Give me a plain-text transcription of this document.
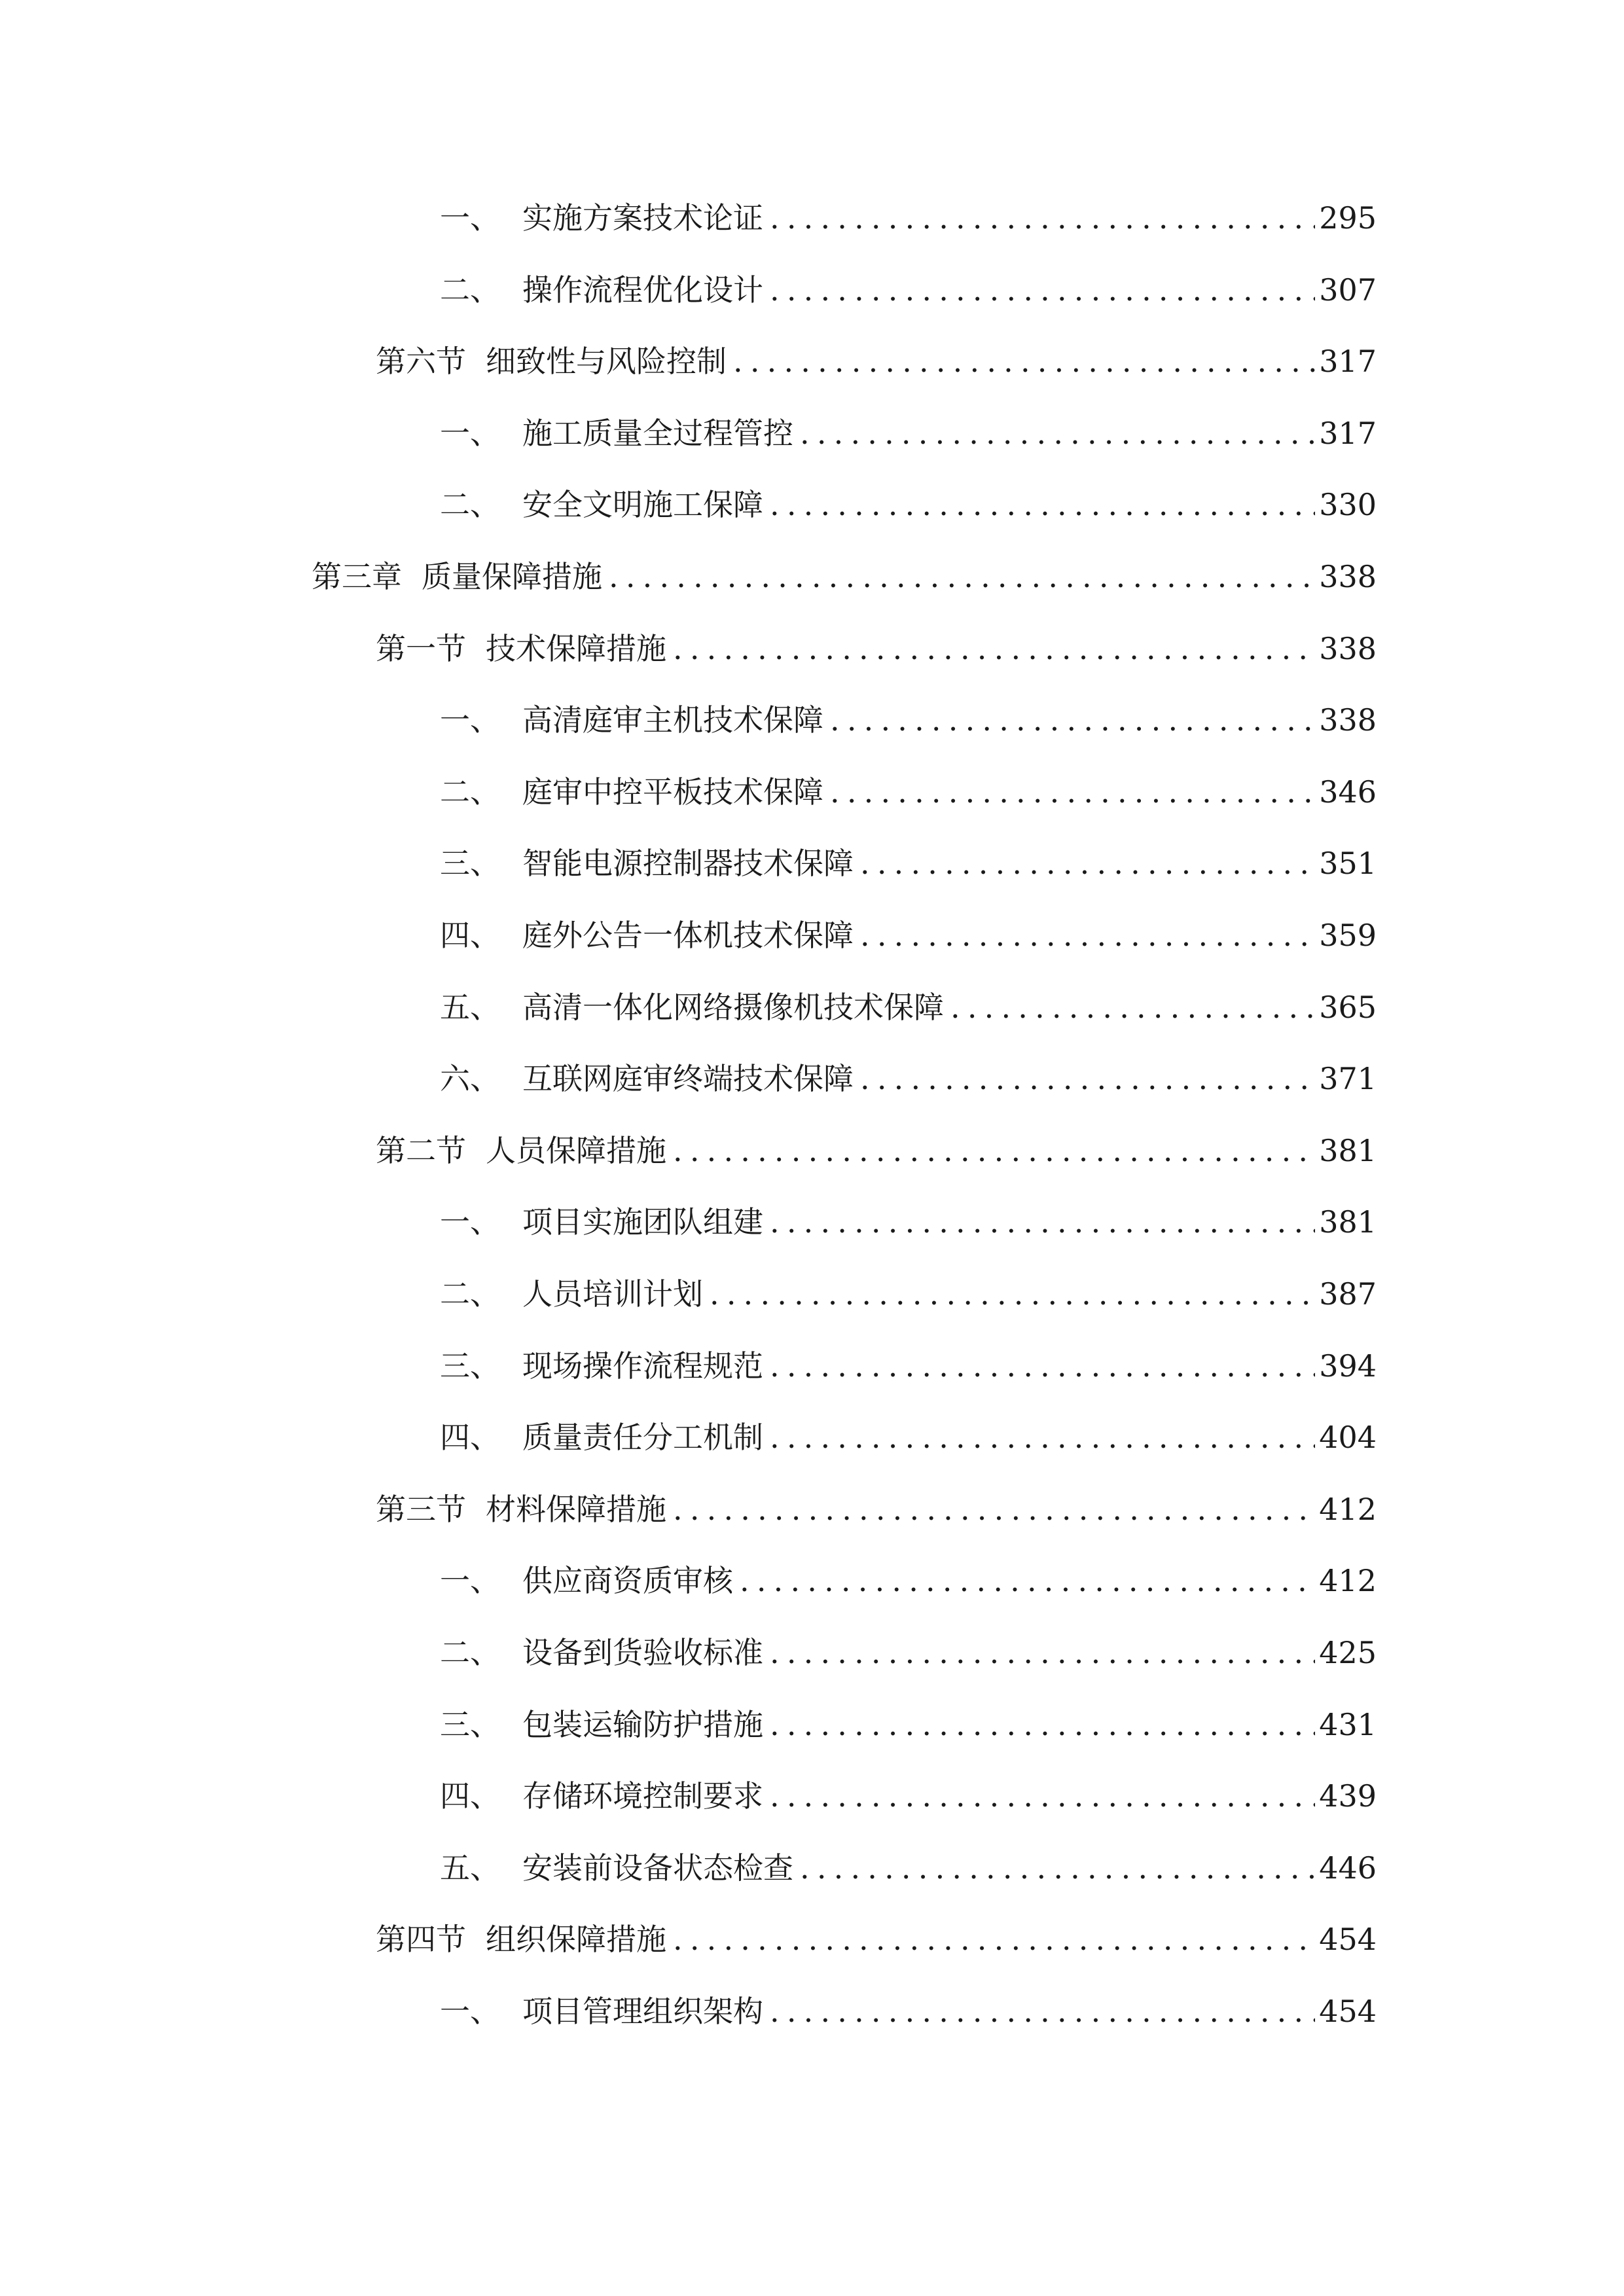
一、 实施方案技术论证 .....	295
二、 操作流程优化设计 .....	307
第六节 细致性与风险控制 .....	317
一、 施工质量全过程管控 .....	317
二、 安全文明施工保障 .....	330
第三章 质量保障措施 .....	338
第一节 技术保障措施 .....	338
一、 高清庭审主机技术保障 .....	338
二、 庭审中控平板技术保障 .....	346
三、 智能电源控制器技术保障 .....	351
四、 庭外公告一体机技术保障 .....	359
五、 高清一体化网络摄像机技术保障 .....	365
六、 互联网庭审终端技术保障 .....	371
第二节 人员保障措施 .....	381
一、 项目实施团队组建 .....	381
二、 人员培训计划 .....	387
三、 现场操作流程规范 .....	394
四、 质量责任分工机制 .....	404
第三节 材料保障措施 .....	412
一、 供应商资质审核 .....	412
二、 设备到货验收标准 .....	425
三、 包装运输防护措施 .....	431
四、 存储环境控制要求 .....	439
五、 安装前设备状态检查 .....	446
第四节 组织保障措施 .....	454
一、 项目管理组织架构 .....	454
